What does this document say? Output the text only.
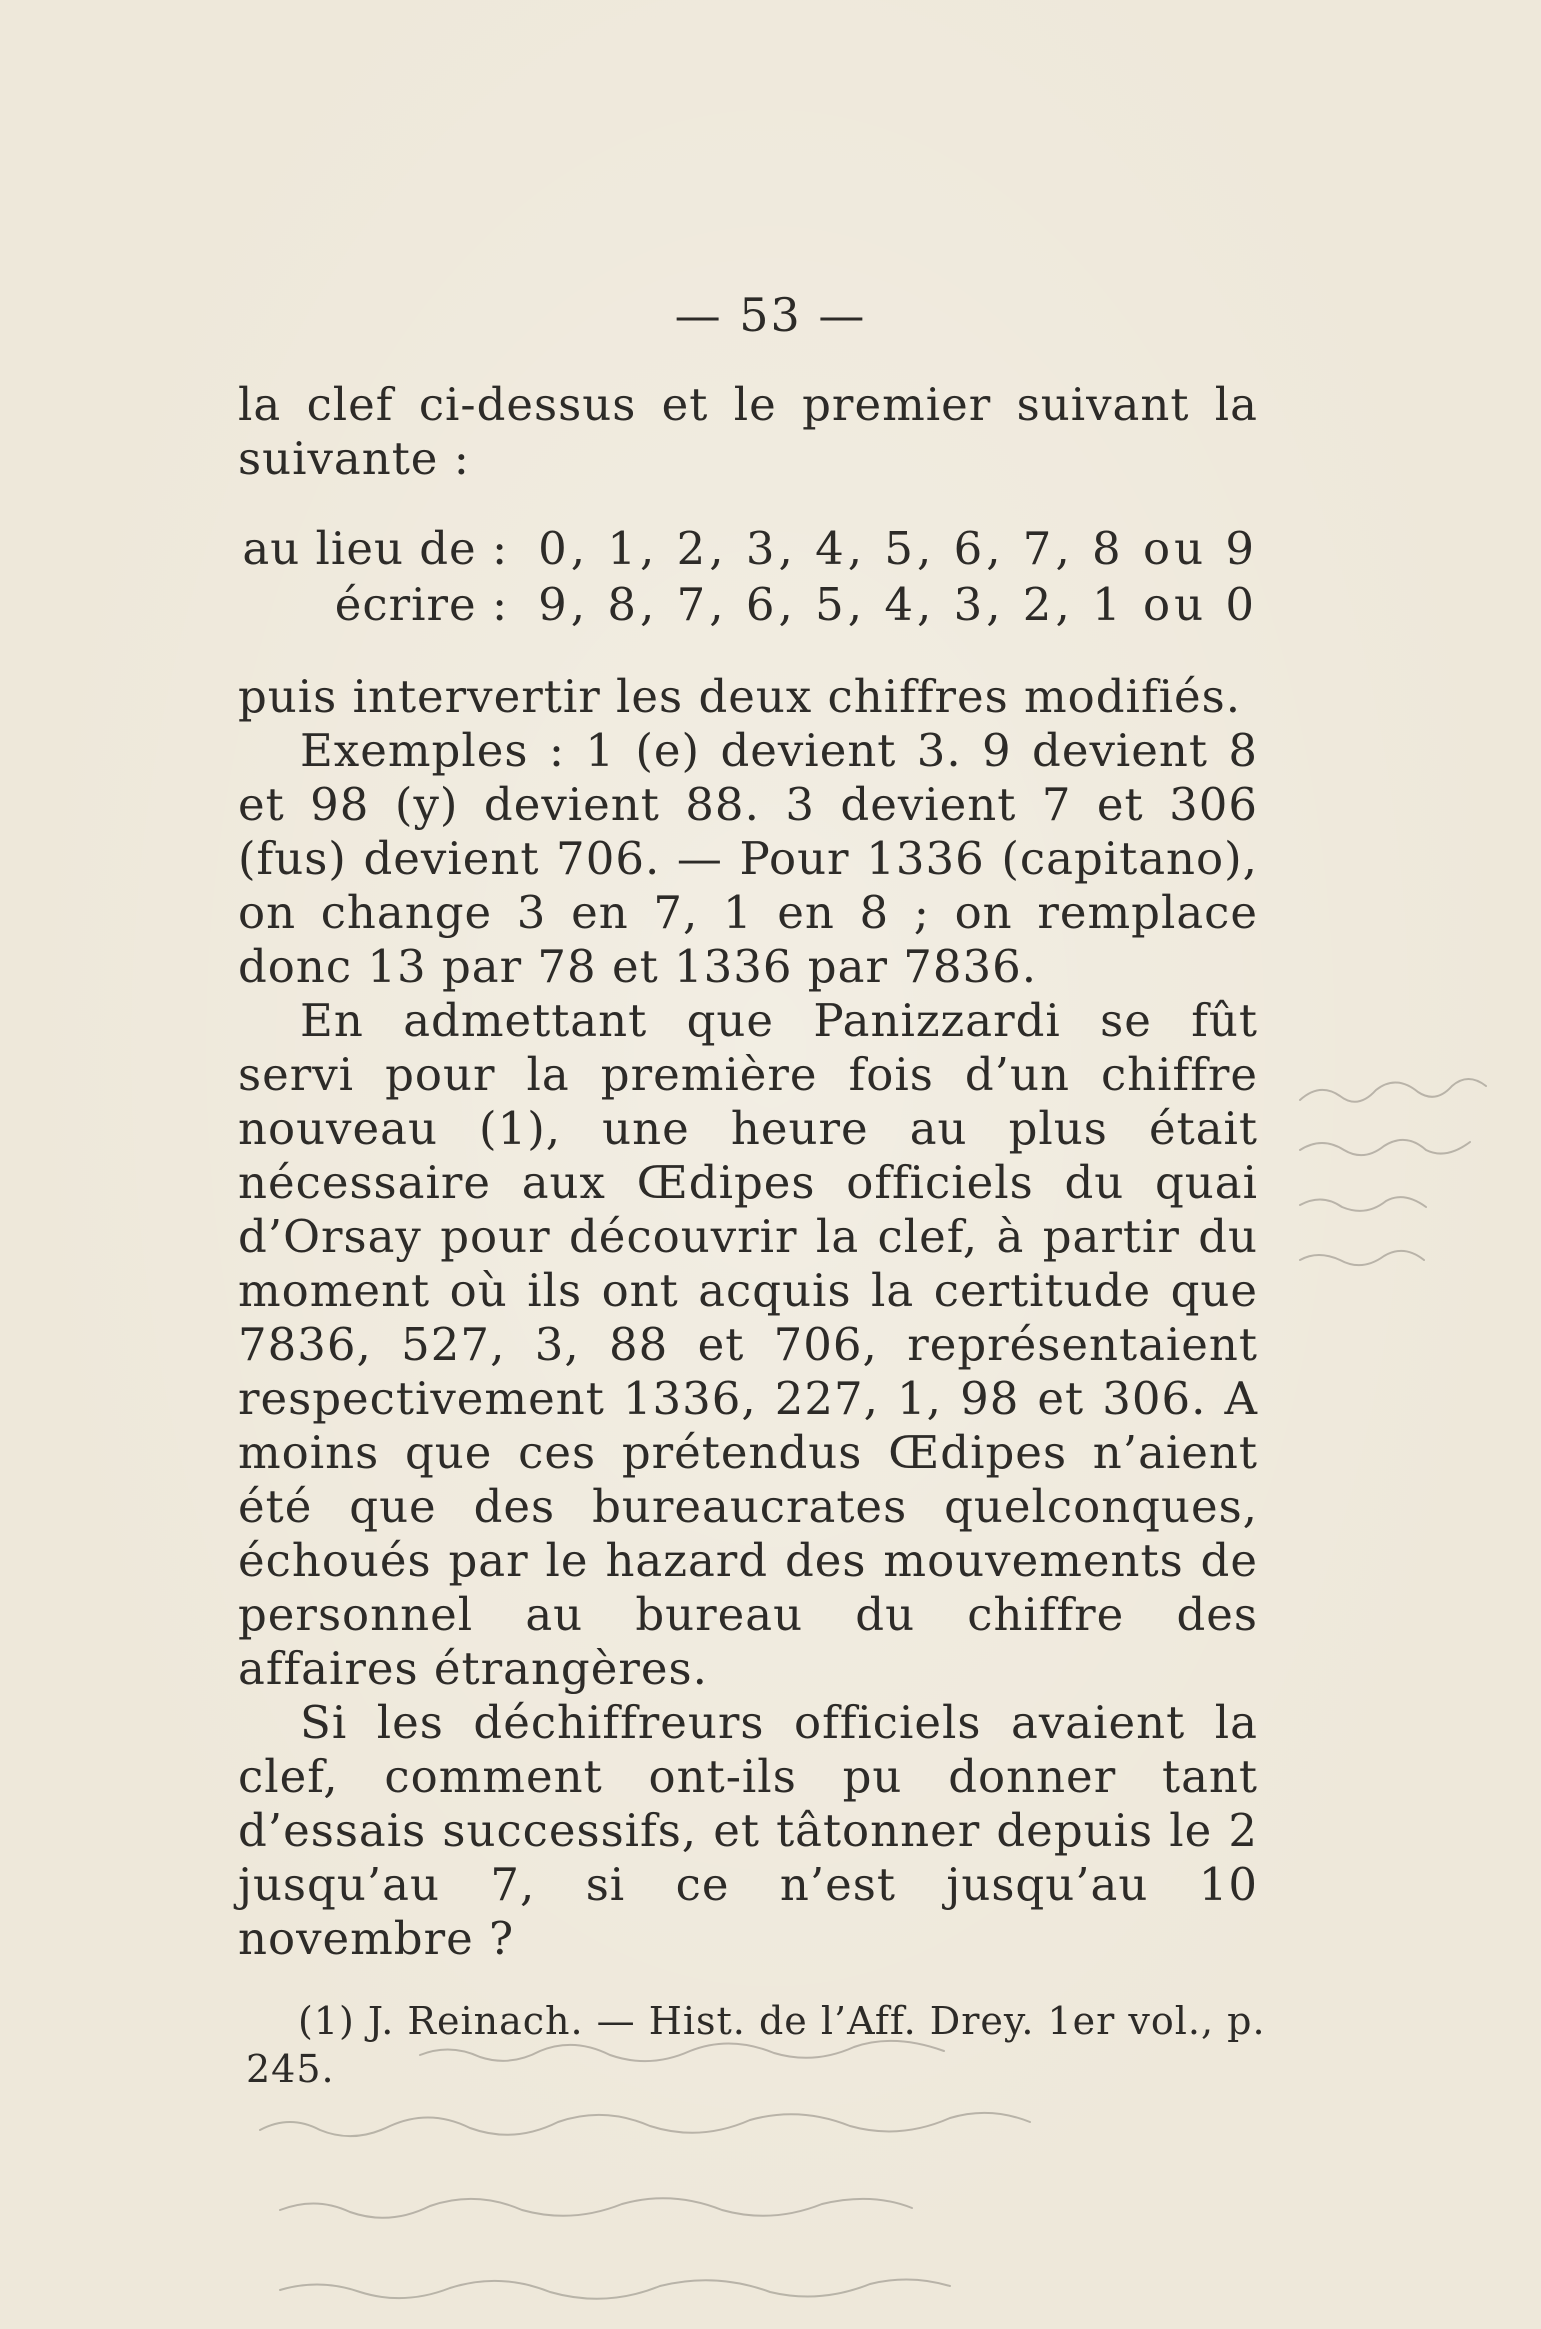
— 53 —

la clef ci-dessus et le premier suivant la suivante :

au lieu de : 0, 1, 2, 3, 4, 5, 6, 7, 8 ou 9
écrire : 9, 8, 7, 6, 5, 4, 3, 2, 1 ou 0

puis intervertir les deux chiffres modifiés.

Exemples : 1 (e) devient 3. 9 devient 8 et 98 (y) devient 88. 3 devient 7 et 306 (fus) devient 706. — Pour 1336 (capitano), on change 3 en 7, 1 en 8 ; on remplace donc 13 par 78 et 1336 par 7836.

En admettant que Panizzardi se fût servi pour la première fois d’un chiffre nouveau (1), une heure au plus était nécessaire aux Œdipes officiels du quai d’Orsay pour découvrir la clef, à partir du moment où ils ont acquis la certitude que 7836, 527, 3, 88 et 706, représentaient respectivement 1336, 227, 1, 98 et 306. A moins que ces prétendus Œdipes n’aient été que des bureaucrates quelconques, échoués par le hazard des mouvements de personnel au bureau du chiffre des affaires étrangères.

Si les déchiffreurs officiels avaient la clef, comment ont-ils pu donner tant d’essais successifs, et tâtonner depuis le 2 jusqu’au 7, si ce n’est jusqu’au 10 novembre ?

(1) J. Reinach. — Hist. de l’Aff. Drey. 1er vol., p. 245.
